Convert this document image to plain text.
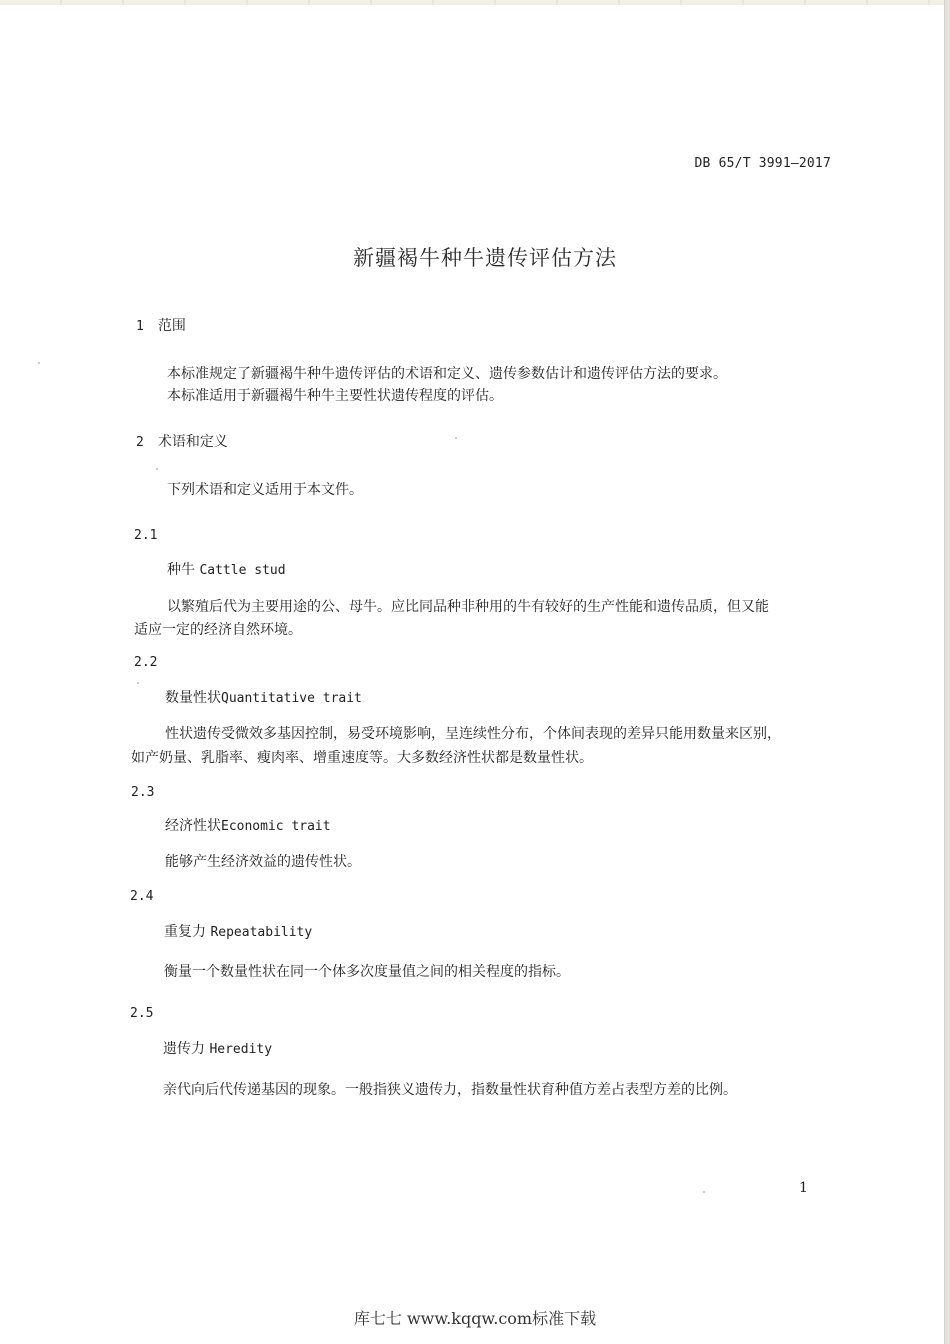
DB 65/T 3991—2017
新疆褐牛种牛遗传评估方法
1 范围
本标准规定了新疆褐牛种牛遗传评估的术语和定义、遗传参数估计和遗传评估方法的要求。
本标准适用于新疆褐牛种牛主要性状遗传程度的评估。
2 术语和定义
下列术语和定义适用于本文件。
2.1
种牛 Cattle stud
以繁殖后代为主要用途的公、母牛。应比同品种非种用的牛有较好的生产性能和遗传品质，但又能
适应一定的经济自然环境。
2.2
数量性状Quantitative trait
性状遗传受微效多基因控制，易受环境影响，呈连续性分布，个体间表现的差异只能用数量来区别，
如产奶量、乳脂率、瘦肉率、增重速度等。大多数经济性状都是数量性状。
2.3
经济性状Economic trait
能够产生经济效益的遗传性状。
2.4
重复力 Repeatability
衡量一个数量性状在同一个体多次度量值之间的相关程度的指标。
2.5
遗传力 Heredity
亲代向后代传递基因的现象。一般指狭义遗传力，指数量性状育种值方差占表型方差的比例。
1
库七七 www.kqqw.com标准下载
